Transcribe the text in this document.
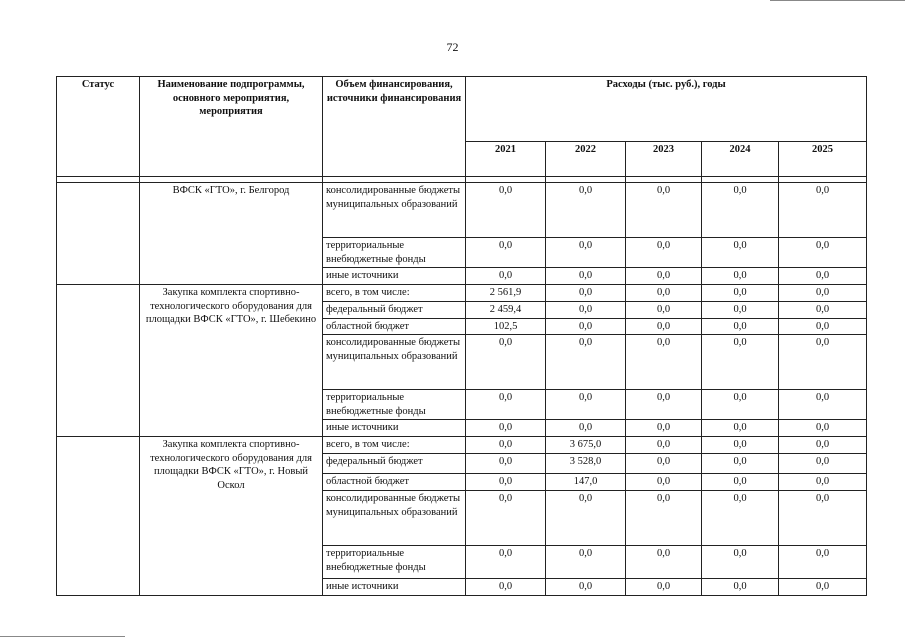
72
Статус	Наименование подпрограммы, основного мероприятия, мероприятия	Объем финансирования, источники финансирования	Расходы (тыс. руб.), годы				
			2021	2022	2023	2024	2025

	ВФСК «ГТО», г. Белгород	консолидированные бюджеты муниципальных образований	0,0	0,0	0,0	0,0	0,0
		территориальные внебюджетные фонды	0,0	0,0	0,0	0,0	0,0
		иные источники	0,0	0,0	0,0	0,0	0,0
	Закупка комплекта спортивно-технологического оборудования для площадки ВФСК «ГТО», г. Шебекино	всего, в том числе:	2 561,9	0,0	0,0	0,0	0,0
		федеральный бюджет	2 459,4	0,0	0,0	0,0	0,0
		областной бюджет	102,5	0,0	0,0	0,0	0,0
		консолидированные бюджеты муниципальных образований	0,0	0,0	0,0	0,0	0,0
		территориальные внебюджетные фонды	0,0	0,0	0,0	0,0	0,0
		иные источники	0,0	0,0	0,0	0,0	0,0
	Закупка комплекта спортивно-технологического оборудования для площадки ВФСК «ГТО», г. Новый Оскол	всего, в том числе:	0,0	3 675,0	0,0	0,0	0,0
		федеральный бюджет	0,0	3 528,0	0,0	0,0	0,0
		областной бюджет	0,0	147,0	0,0	0,0	0,0
		консолидированные бюджеты муниципальных образований	0,0	0,0	0,0	0,0	0,0
		территориальные внебюджетные фонды	0,0	0,0	0,0	0,0	0,0
		иные источники	0,0	0,0	0,0	0,0	0,0
